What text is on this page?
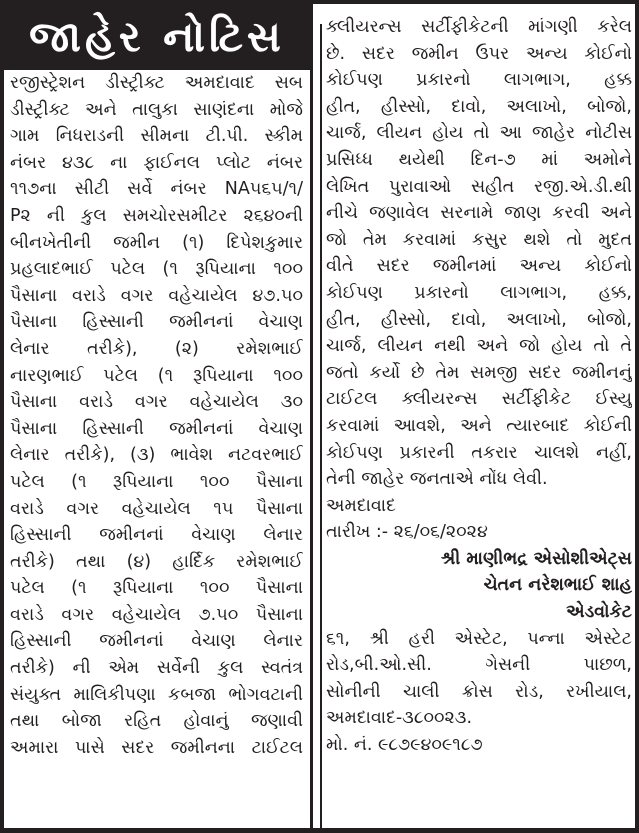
જાહેર નોટિસ
રજીસ્ટ્રેશન ડીસ્ટ્રીક્ટ અમદાવાદ સબ
ડીસ્ટ્રીક્ટ અને તાલુકા સાણંદના મોજે
ગામ નિધરાડની સીમના ટી.પી. સ્કીમ
નંબર ૪૩૮ ના ફાઈનલ પ્લોટ નંબર
૧૧૭ના સીટી સર્વે નંબર NA૫૬૫/૧/
P૨ ની કુલ સમચોરસમીટર ૨૬૪૦ની
બીનખેતીની જમીન (૧) દિપેશકુમાર
પ્રહલાદભાઈ પટેલ (૧ રૂપિયાના ૧૦૦
પૈસાના વરાડે વગર વહેચાયેલ ૪૭.૫૦
પૈસાના હિસ્સાની જમીનનાં વેચાણ
લેનાર તરીકે), (૨) રમેશભાઈ
નારણભાઈ પટેલ (૧ રૂપિયાના ૧૦૦
પૈસાના વરાડે વગર વહેચાયેલ ૩૦
પૈસાના હિસ્સાની જમીનનાં વેચાણ
લેનાર તરીકે), (૩) ભાવેશ નટવરભાઈ
પટેલ (૧ રૂપિયાના ૧૦૦ પૈસાના
વરાડે વગર વહેચાયેલ ૧૫ પૈસાના
હિસ્સાની જમીનનાં વેચાણ લેનાર
તરીકે) તથા (૪) હાર્દિક રમેશભાઈ
પટેલ (૧ રૂપિયાના ૧૦૦ પૈસાના
વરાડે વગર વહેચાયેલ ૭.૫૦ પૈસાના
હિસ્સાની જમીનનાં વેચાણ લેનાર
તરીકે) ની એમ સર્વેની કુલ સ્વતંત્ર
સંયુક્ત માલિકીપણા કબજા ભોગવટાની
તથા બોજા રહિત હોવાનું જણાવી
અમારા પાસે સદર જમીનના ટાઈટલ
ક્લીયરન્સ સર્ટીફીકેટની માંગણી કરેલ
છે. સદર જમીન ઉપર અન્ય કોઈનો
કોઈપણ પ્રકારનો લાગભાગ, હક્ક
હીત, હીસ્સો, દાવો, અલાખો, બોજો,
ચાર્જ, લીયન હોય તો આ જાહેર નોટીસ
પ્રસિધ્ધ થયેથી દિન-૭ માં અમોને
લેખિત પુરાવાઓ સહીત રજી.એ.ડી.થી
નીચે જણાવેલ સરનામે જાણ કરવી અને
જો તેમ કરવામાં કસુર થશે તો મુદત
વીતે સદર જમીનમાં અન્ય કોઈનો
કોઈપણ પ્રકારનો લાગભાગ, હક્ક,
હીત, હીસ્સો, દાવો, અલાખો, બોજો,
ચાર્જ, લીયન નથી અને જો હોય તો તે
જતો કર્યો છે તેમ સમજી સદર જમીનનું
ટાઈટલ ક્લીયરન્સ સર્ટીફીકેટ ઈસ્યુ
કરવામાં આવશે, અને ત્યારબાદ કોઈની
કોઈપણ પ્રકારની તકરાર ચાલશે નહીં,
તેની જાહેર જનતાએ નોંધ લેવી.
અમદાવાદ
તારીખ :- ૨૬/૦૬/૨૦૨૪
શ્રી માણીભદ્ર એસોશીએટ્સ
ચેતન નરેશભાઈ શાહ
એડવોકેટ
૬૧, શ્રી હરી એસ્ટેટ, પન્ના એસ્ટેટ
રોડ,બી.ઓ.સી. ગેસની પાછળ,
સોનીની ચાલી ક્રોસ રોડ, રખીયાલ,
અમદાવાદ-૩૮૦૦૨૩.
મો. નં. ૯૮૭૯૪૦૯૧૮૭
